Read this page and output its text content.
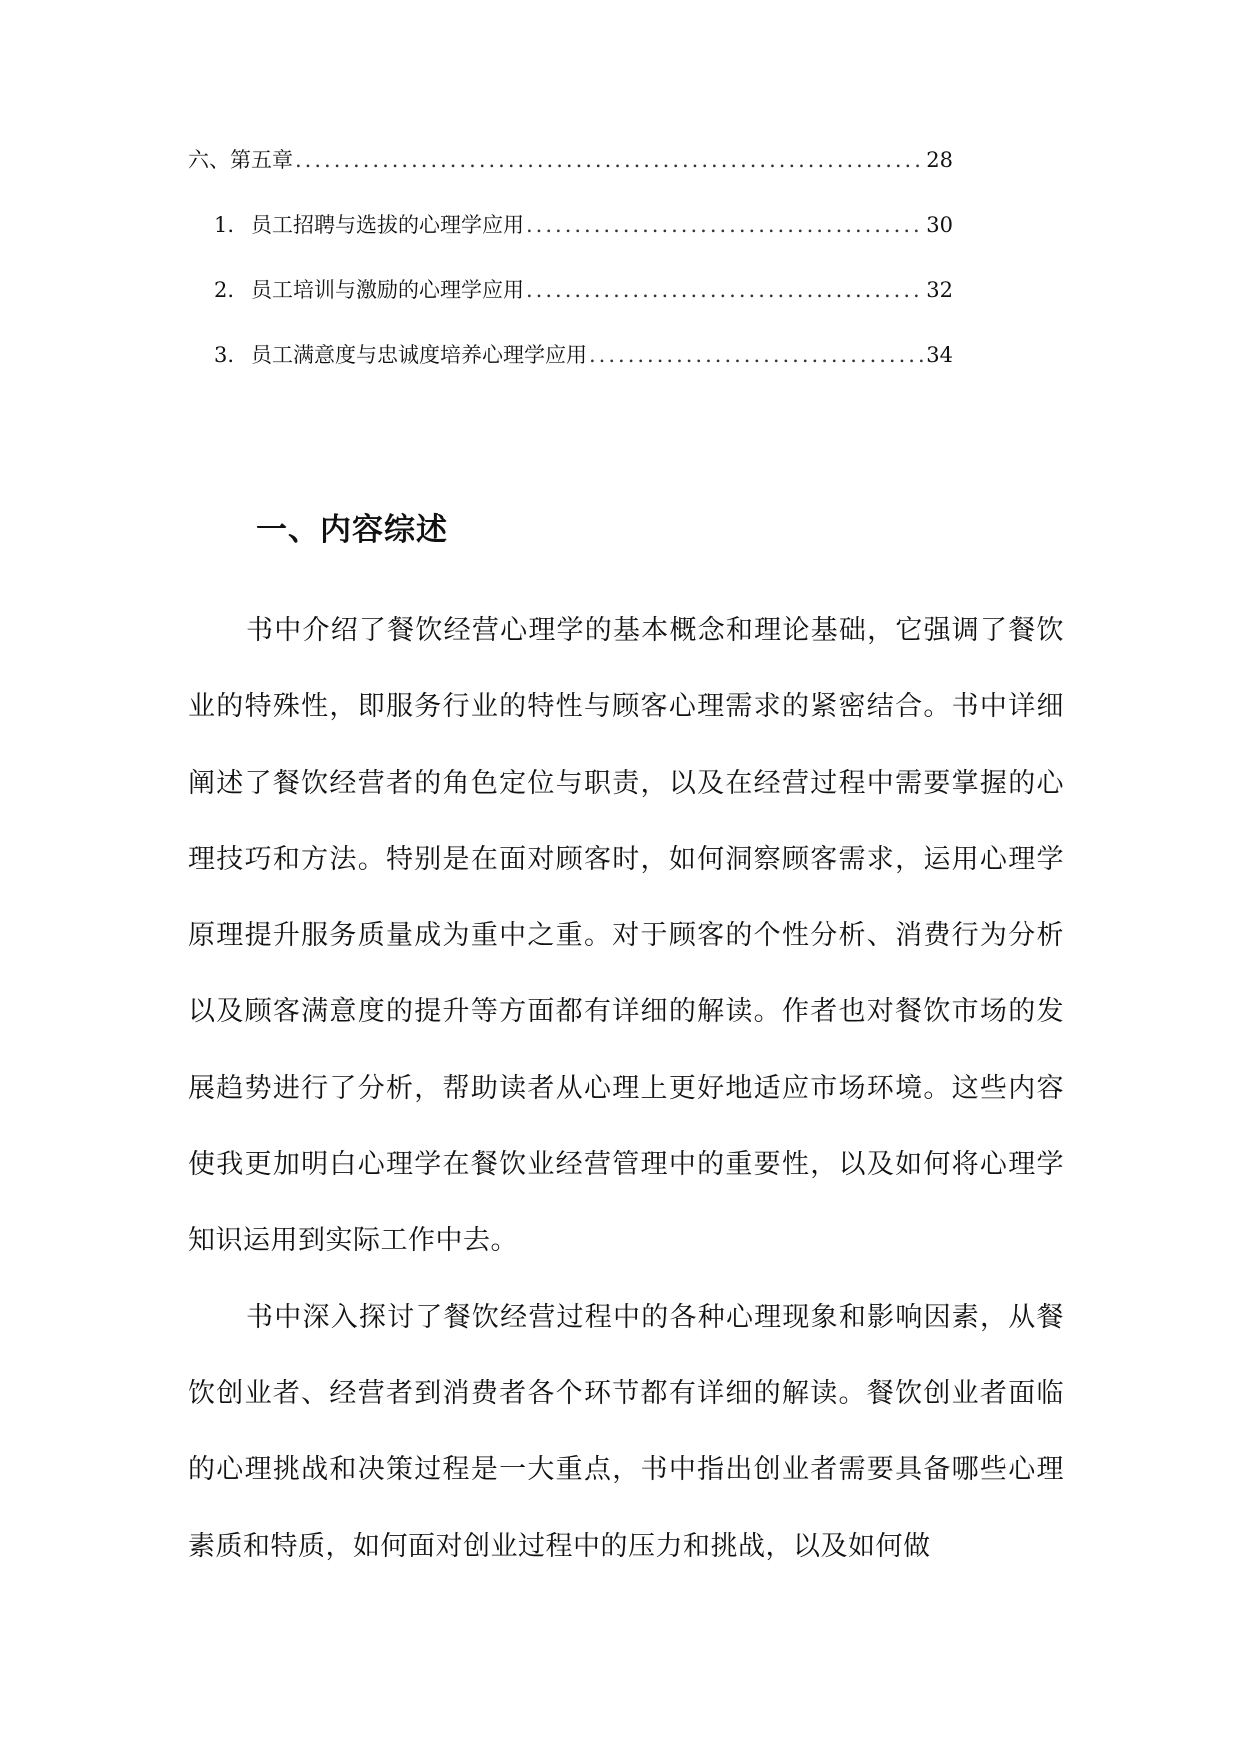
六、第五章 .....	28
1. 员工招聘与选拔的心理学应用 .....	30
2. 员工培训与激励的心理学应用 .....	32
3. 员工满意度与忠诚度培养心理学应用 .....	34
一、内容综述

书中介绍了餐饮经营心理学的基本概念和理论基础，它强调了餐饮业的特殊性，即服务行业的特性与顾客心理需求的紧密结合。书中详细阐述了餐饮经营者的角色定位与职责，以及在经营过程中需要掌握的心理技巧和方法。特别是在面对顾客时，如何洞察顾客需求，运用心理学原理提升服务质量成为重中之重。对于顾客的个性分析、消费行为分析以及顾客满意度的提升等方面都有详细的解读。作者也对餐饮市场的发展趋势进行了分析，帮助读者从心理上更好地适应市场环境。这些内容使我更加明白心理学在餐饮业经营管理中的重要性，以及如何将心理学知识运用到实际工作中去。

书中深入探讨了餐饮经营过程中的各种心理现象和影响因素，从餐饮创业者、经营者到消费者各个环节都有详细的解读。餐饮创业者面临的心理挑战和决策过程是一大重点，书中指出创业者需要具备哪些心理素质和特质，如何面对创业过程中的压力和挑战，以及如何做
